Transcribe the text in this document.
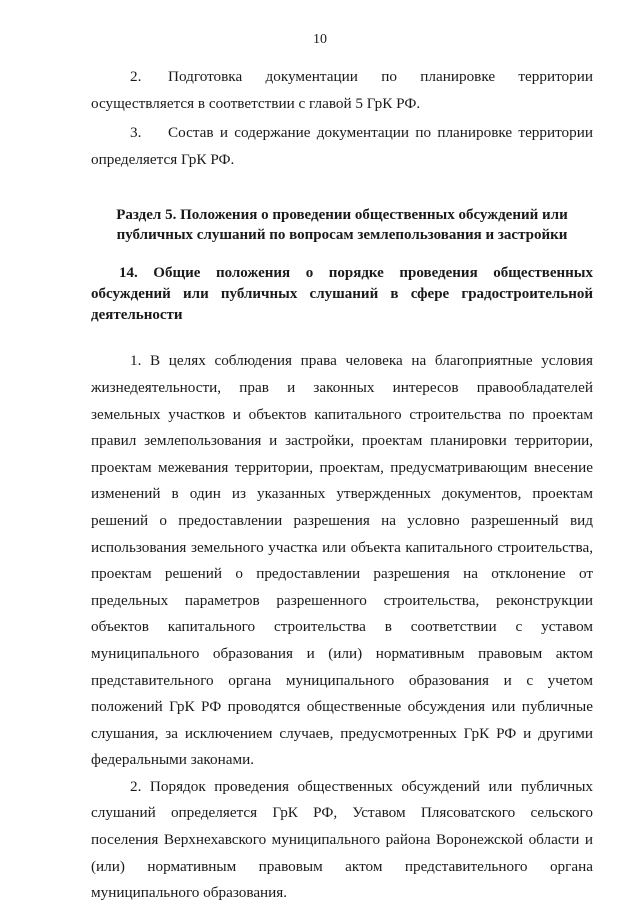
10

2. Подготовка документации по планировке территории осуществляется в соответствии с главой 5 ГрК РФ.

3. Состав и содержание документации по планировке территории определяется ГрК РФ.

Раздел 5. Положения о проведении общественных обсуждений или публичных слушаний по вопросам землепользования и застройки
14. Общие положения о порядке проведения общественных обсуждений или публичных слушаний в сфере градостроительной деятельности

1. В целях соблюдения права человека на благоприятные условия жизнедеятельности, прав и законных интересов правообладателей земельных участков и объектов капитального строительства по проектам правил землепользования и застройки, проектам планировки территории, проектам межевания территории, проектам, предусматривающим внесение изменений в один из указанных утвержденных документов, проектам решений о предоставлении разрешения на условно разрешенный вид использования земельного участка или объекта капитального строительства, проектам решений о предоставлении разрешения на отклонение от предельных параметров разрешенного строительства, реконструкции объектов капитального строительства в соответствии с уставом муниципального образования и (или) нормативным правовым актом представительного органа муниципального образования и с учетом положений ГрК РФ проводятся общественные обсуждения или публичные слушания, за исключением случаев, предусмотренных ГрК РФ и другими федеральными законами.

2. Порядок проведения общественных обсуждений или публичных слушаний определяется ГрК РФ, Уставом Плясоватского сельского поселения Верхнехавского муниципального района Воронежской области и (или) нормативным правовым актом представительного органа муниципального образования.
